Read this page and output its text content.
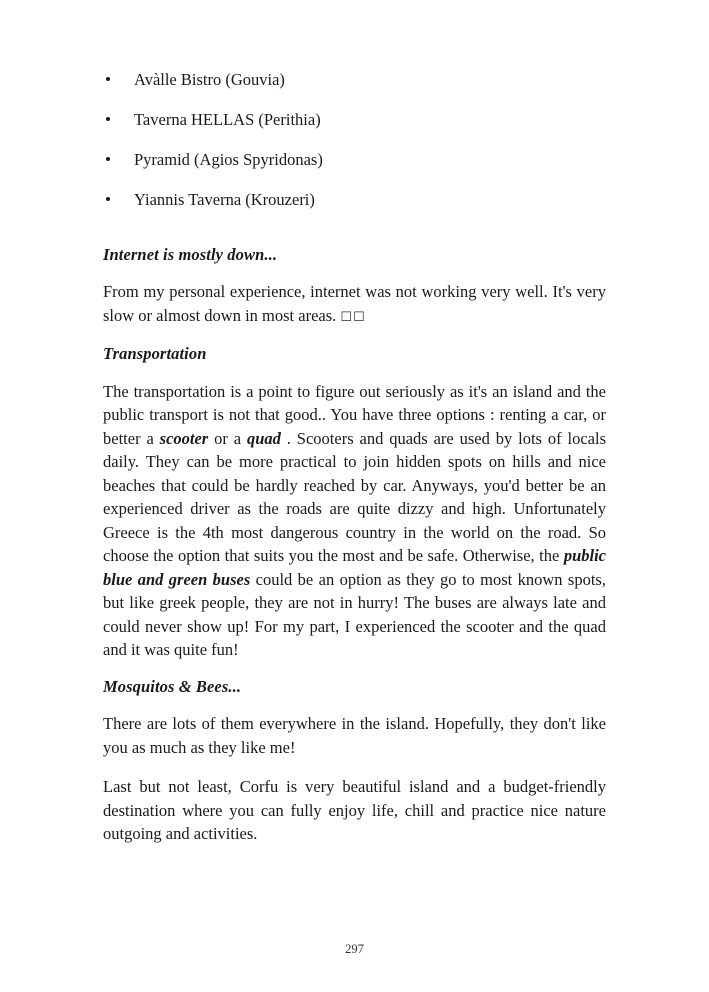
Avàlle Bistro (Gouvia)
Taverna HELLAS (Perithia)
Pyramid (Agios Spyridonas)
Yiannis Taverna (Krouzeri)
Internet is mostly down...

From my personal experience, internet was not working very well. It's very slow or almost down in most areas. ☐☐

Transportation

The transportation is a point to figure out seriously as it's an island and the public transport is not that good.. You have three options : renting a car, or better a scooter or a quad . Scooters and quads are used by lots of locals daily. They can be more practical to join hidden spots on hills and nice beaches that could be hardly reached by car. Anyways, you'd better be an experienced driver as the roads are quite dizzy and high. Unfortunately Greece is the 4th most dangerous country in the world on the road. So choose the option that suits you the most and be safe. Otherwise, the public blue and green buses could be an option as they go to most known spots, but like greek people, they are not in hurry! The buses are always late and could never show up! For my part, I experienced the scooter and the quad and it was quite fun!

Mosquitos & Bees...

There are lots of them everywhere in the island. Hopefully, they don't like you as much as they like me!

Last but not least, Corfu is very beautiful island and a budget-friendly destination where you can fully enjoy life, chill and practice nice nature outgoing and activities.

297
